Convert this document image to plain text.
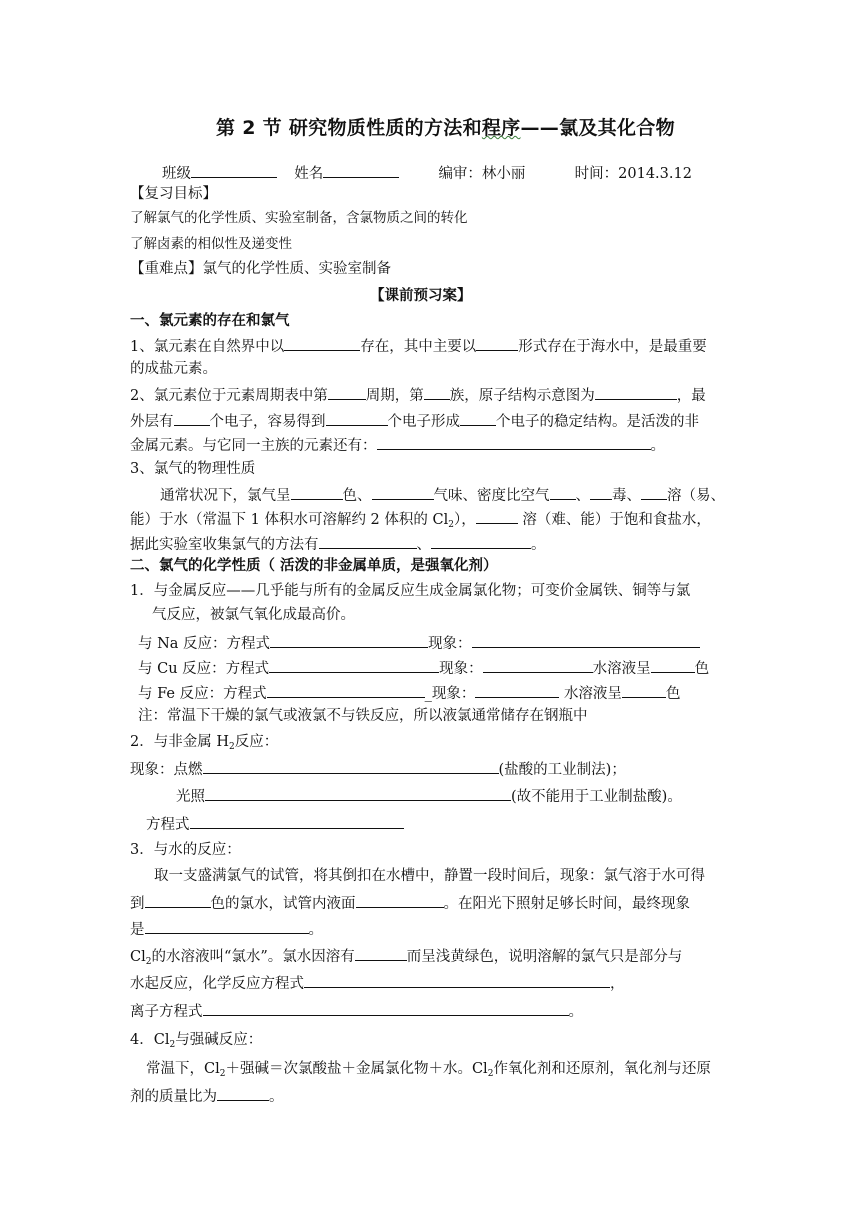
第 2 节 研究物质性质的方法和程序——氯及其化合物
班级	姓名	编审：林小丽	时间：2014.3.12
【复习目标】
了解氯气的化学性质、实验室制备，含氯物质之间的转化
了解卤素的相似性及递变性
【重难点】氯气的化学性质、实验室制备
【课前预习案】
一、氯元素的存在和氯气
1、氯元素在自然界中以	存在，其中主要以	形式存在于海水中，是最重要
的成盐元素。
2、氯元素位于元素周期表中第	周期，第 族，原子结构示意图为	，最
外层有 个电子，容易得到	个电子形成 个电子的稳定结构。是活泼的非
金属元素。与它同一主族的元素还有：	。
3、氯气的物理性质
通常状况下，氯气呈	色、	气味、密度比空气 、 毒、 溶（易、
能）于水（常温下 1 体积水可溶解约 2 体积的 $Cl_2$），	溶（难、能）于饱和食盐水，
据此实验室收集氯气的方法有	、	。
二、氯气的化学性质（ 活泼的非金属单质，是强氧化剂）
1．与金属反应——几乎能与所有的金属反应生成金属氯化物；可变价金属铁、铜等与氯
气反应，被氯气氧化成最高价。
与 Na 反应：方程式	现象：
与 Cu 反应：方程式	现象：	水溶液呈	色
与 Fe 反应：方程式	_现象：	水溶液呈	色
注：常温下干燥的氯气或液氯不与铁反应，所以液氯通常储存在钢瓶中
2．与非金属 $H_2$反应：
现象：点燃	(盐酸的工业制法)；
光照	(故不能用于工业制盐酸)。
方程式
3．与水的反应：
取一支盛满氯气的试管，将其倒扣在水槽中，静置一段时间后，现象：氯气溶于水可得
到	色的氯水，试管内液面	。在阳光下照射足够长时间，最终现象
是	。
$Cl_2$的水溶液叫“氯水”。氯水因溶有	而呈浅黄绿色，说明溶解的氯气只是部分与
水起反应，化学反应方程式	，
离子方程式	。
4．$Cl_2$与强碱反应：
常温下，$Cl_2+$强碱＝次氯酸盐＋金属氯化物＋水。$Cl_2$作氧化剂和还原剂，氧化剂与还原
剂的质量比为	。
